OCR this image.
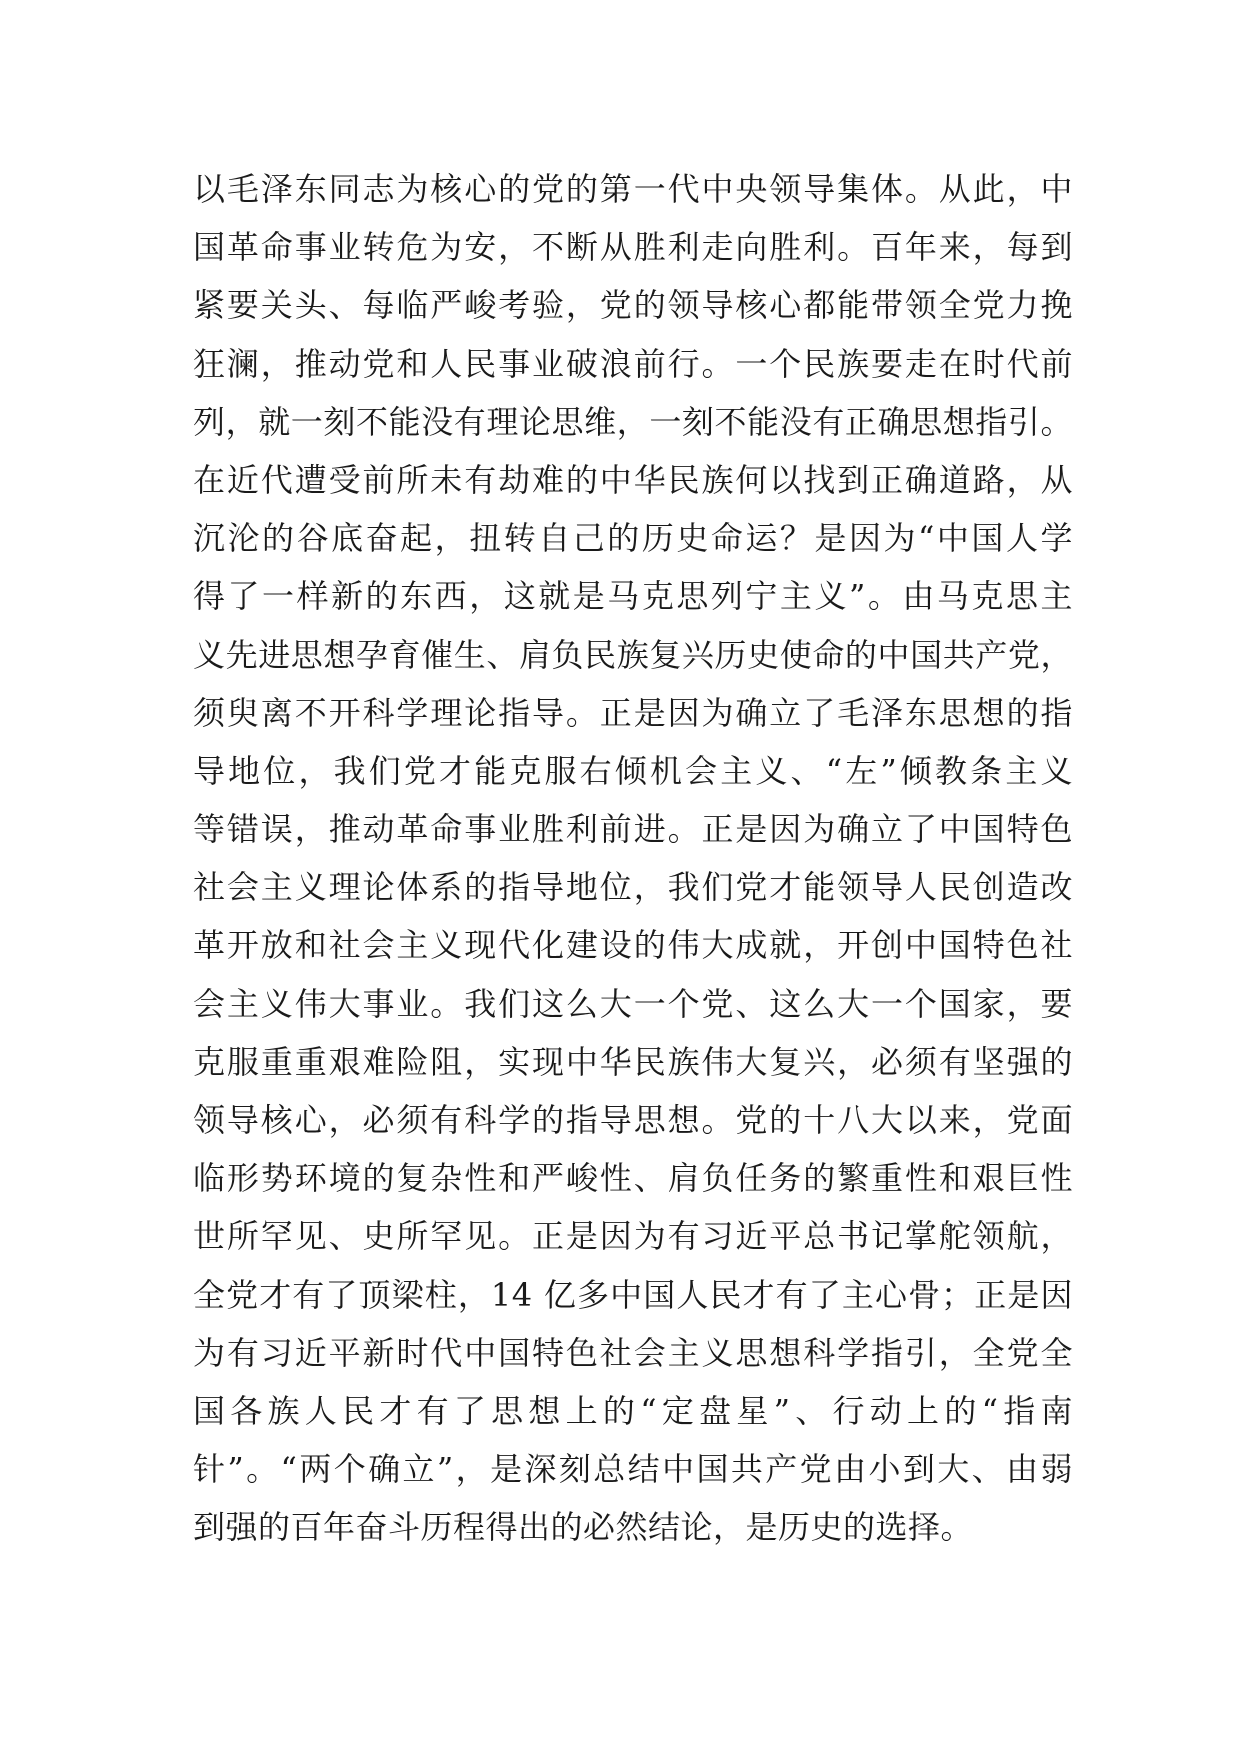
以毛泽东同志为核心的党的第一代中央领导集体。从此，中
国革命事业转危为安，不断从胜利走向胜利。百年来，每到
紧要关头、每临严峻考验，党的领导核心都能带领全党力挽
狂澜，推动党和人民事业破浪前行。一个民族要走在时代前
列，就一刻不能没有理论思维，一刻不能没有正确思想指引。
在近代遭受前所未有劫难的中华民族何以找到正确道路，从
沉沦的谷底奋起，扭转自己的历史命运？是因为“中国人学
得了一样新的东西，这就是马克思列宁主义”。由马克思主
义先进思想孕育催生、肩负民族复兴历史使命的中国共产党，
须臾离不开科学理论指导。正是因为确立了毛泽东思想的指
导地位，我们党才能克服右倾机会主义、“左”倾教条主义
等错误，推动革命事业胜利前进。正是因为确立了中国特色
社会主义理论体系的指导地位，我们党才能领导人民创造改
革开放和社会主义现代化建设的伟大成就，开创中国特色社
会主义伟大事业。我们这么大一个党、这么大一个国家，要
克服重重艰难险阻，实现中华民族伟大复兴，必须有坚强的
领导核心，必须有科学的指导思想。党的十八大以来，党面
临形势环境的复杂性和严峻性、肩负任务的繁重性和艰巨性
世所罕见、史所罕见。正是因为有习近平总书记掌舵领航，
全党才有了顶梁柱，14 亿多中国人民才有了主心骨；正是因
为有习近平新时代中国特色社会主义思想科学指引，全党全
国各族人民才有了思想上的“定盘星”、行动上的“指南
针”。“两个确立”，是深刻总结中国共产党由小到大、由弱
到强的百年奋斗历程得出的必然结论，是历史的选择。
